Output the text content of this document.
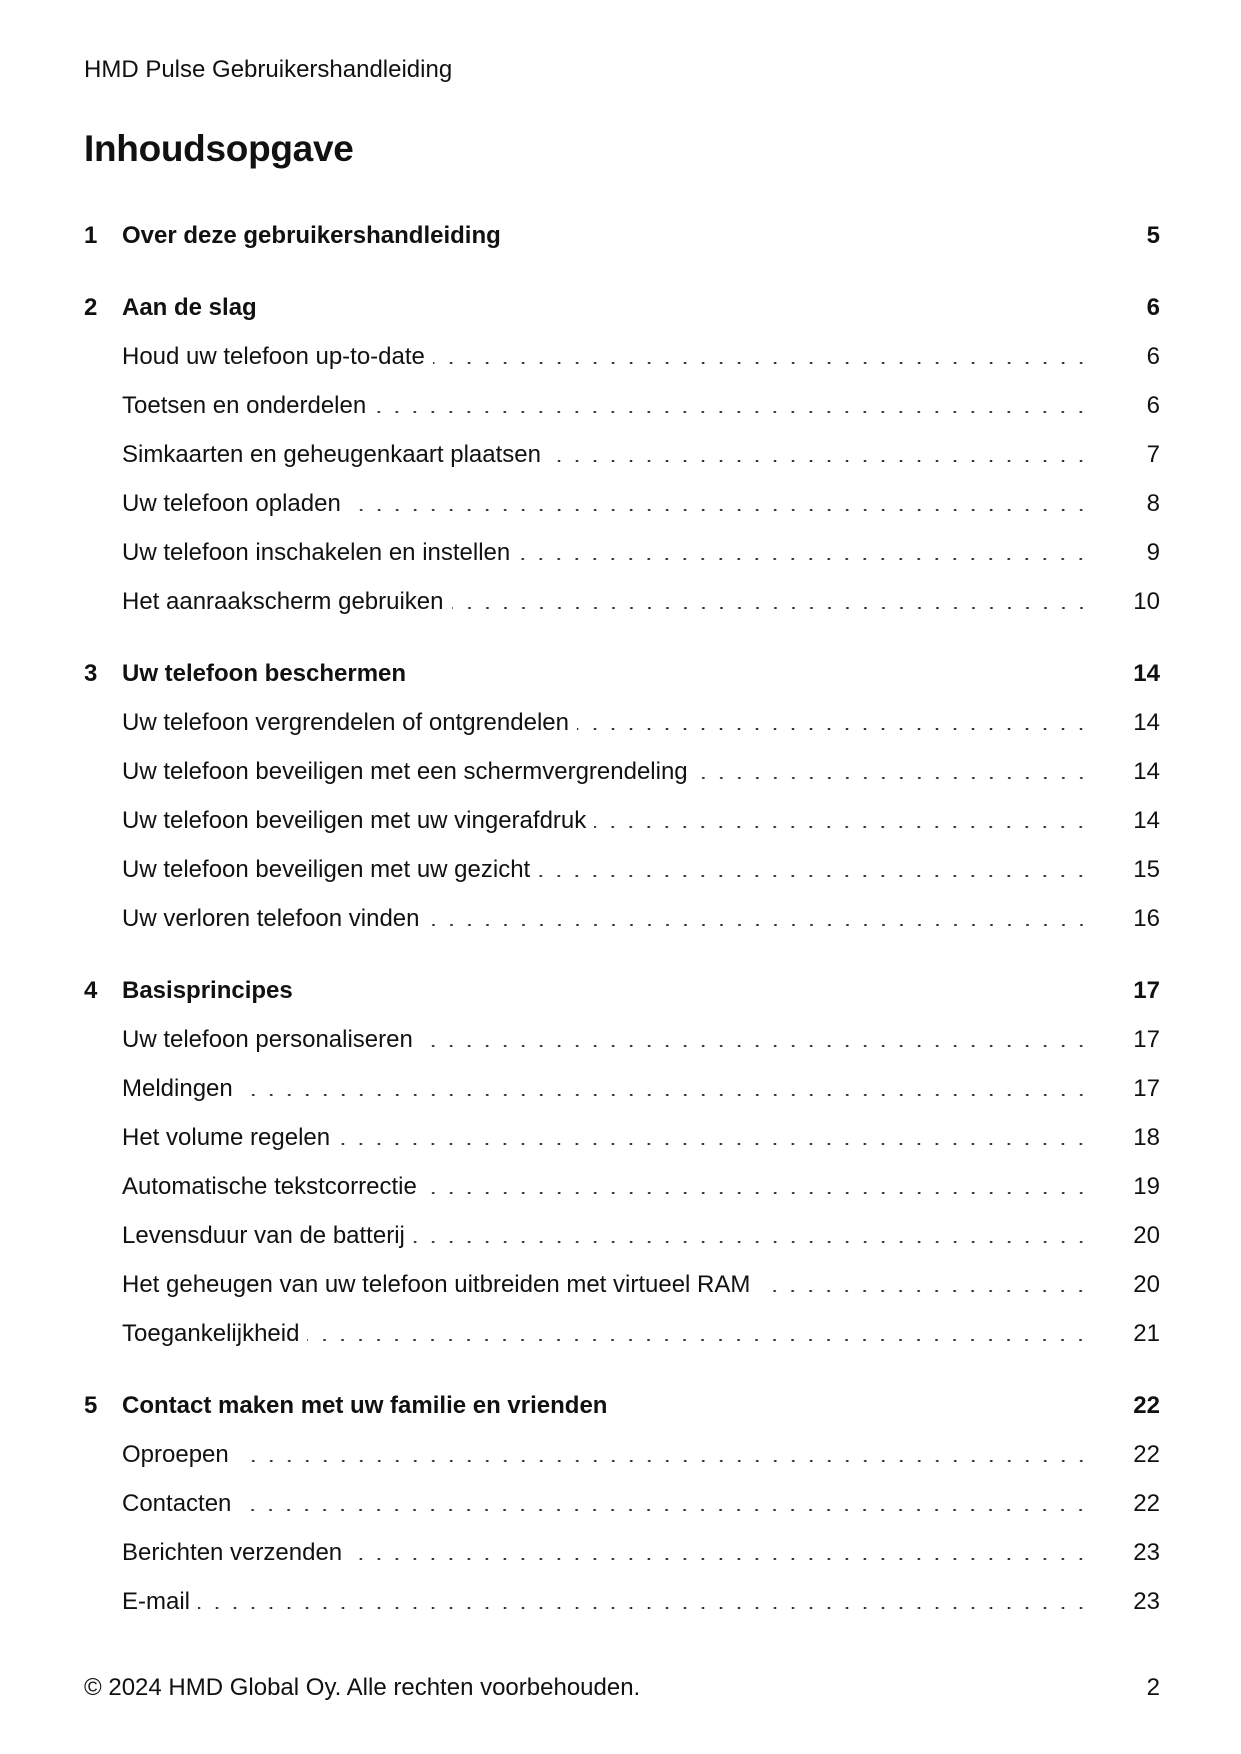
HMD Pulse Gebruikershandleiding
Inhoudsopgave
1	Over deze gebruikershandleiding	5
2	Aan de slag	6
Houd uw telefoon up-to-date	6
Toetsen en onderdelen	6
Simkaarten en geheugenkaart plaatsen	7
Uw telefoon opladen	8
Uw telefoon inschakelen en instellen	9
Het aanraakscherm gebruiken	10
3	Uw telefoon beschermen	14
Uw telefoon vergrendelen of ontgrendelen	14
Uw telefoon beveiligen met een schermvergrendeling	14
Uw telefoon beveiligen met uw vingerafdruk	14
Uw telefoon beveiligen met uw gezicht	15
Uw verloren telefoon vinden	16
4	Basisprincipes	17
Uw telefoon personaliseren	17
Meldingen	17
Het volume regelen	18
Automatische tekstcorrectie	19
Levensduur van de batterij	20
Het geheugen van uw telefoon uitbreiden met virtueel RAM	20
Toegankelijkheid	21
5	Contact maken met uw familie en vrienden	22
Oproepen	22
Contacten	22
Berichten verzenden	23
E-mail	23
© 2024 HMD Global Oy. Alle rechten voorbehouden.	2
